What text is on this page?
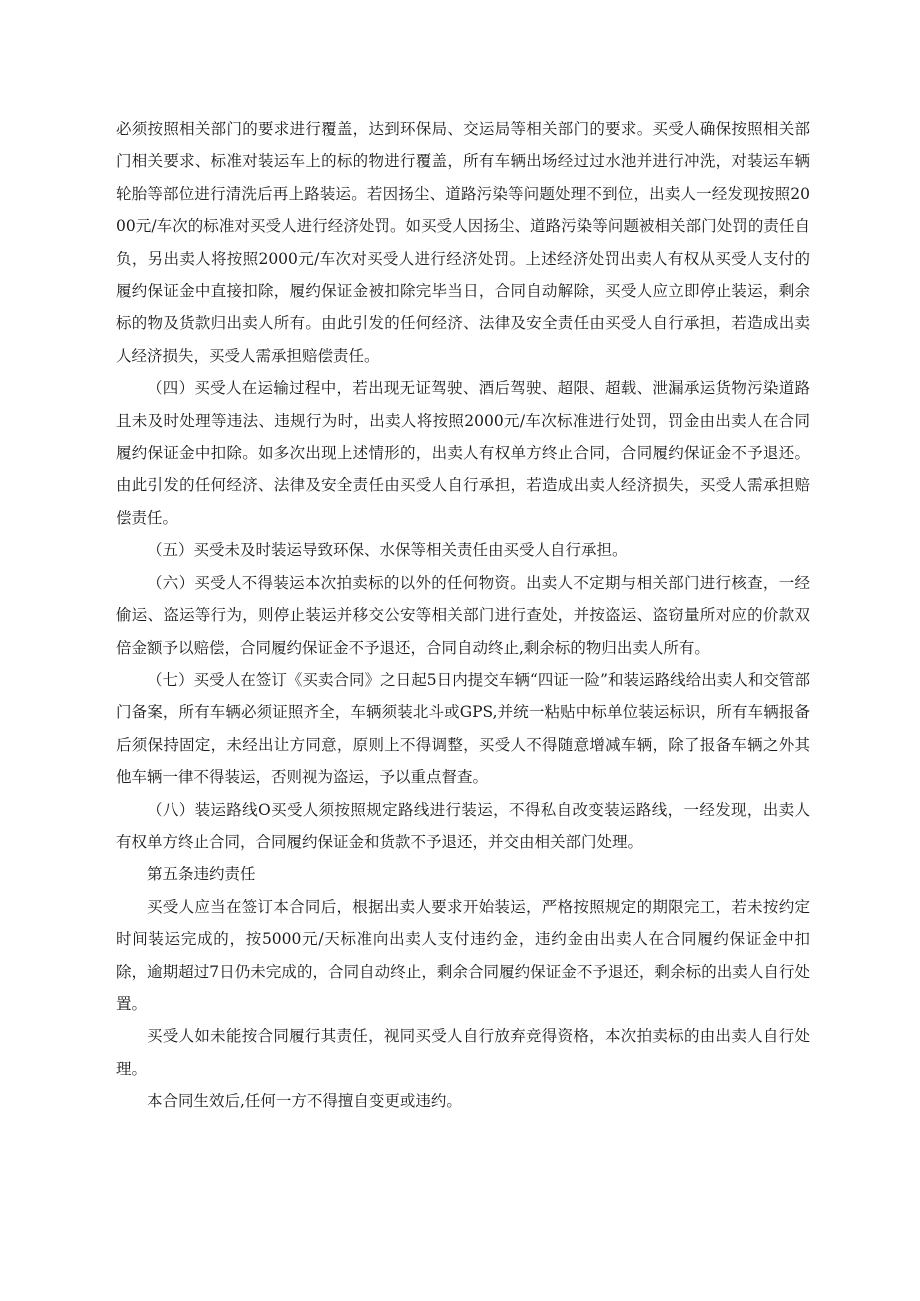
必须按照相关部门的要求进行覆盖，达到环保局、交运局等相关部门的要求。买受人确保按照相关部门相关要求、标准对装运车上的标的物进行覆盖，所有车辆出场经过过水池并进行冲洗，对装运车辆轮胎等部位进行清洗后再上路装运。若因扬尘、道路污染等问题处理不到位，出卖人一经发现按照2000元/车次的标准对买受人进行经济处罚。如买受人因扬尘、道路污染等问题被相关部门处罚的责任自负，另出卖人将按照2000元/车次对买受人进行经济处罚。上述经济处罚出卖人有权从买受人支付的履约保证金中直接扣除，履约保证金被扣除完毕当日，合同自动解除，买受人应立即停止装运，剩余标的物及货款归出卖人所有。由此引发的任何经济、法律及安全责任由买受人自行承担，若造成出卖人经济损失，买受人需承担赔偿责任。

（四）买受人在运输过程中，若出现无证驾驶、酒后驾驶、超限、超载、泄漏承运货物污染道路且未及时处理等违法、违规行为时，出卖人将按照2000元/车次标准进行处罚，罚金由出卖人在合同履约保证金中扣除。如多次出现上述情形的，出卖人有权单方终止合同，合同履约保证金不予退还。由此引发的任何经济、法律及安全责任由买受人自行承担，若造成出卖人经济损失，买受人需承担赔偿责任。

（五）买受未及时装运导致环保、水保等相关责任由买受人自行承担。

（六）买受人不得装运本次拍卖标的以外的任何物资。出卖人不定期与相关部门进行核查，一经偷运、盗运等行为，则停止装运并移交公安等相关部门进行查处，并按盗运、盗窃量所对应的价款双倍金额予以赔偿，合同履约保证金不予退还，合同自动终止,剩余标的物归出卖人所有。

（七）买受人在签订《买卖合同》之日起5日内提交车辆“四证一险”和装运路线给出卖人和交管部门备案，所有车辆必须证照齐全，车辆须装北斗或GPS,并统一粘贴中标单位装运标识，所有车辆报备后须保持固定，未经出让方同意，原则上不得调整，买受人不得随意增减车辆，除了报备车辆之外其他车辆一律不得装运，否则视为盗运，予以重点督查。

（八）装运路线O买受人须按照规定路线进行装运，不得私自改变装运路线，一经发现，出卖人有权单方终止合同，合同履约保证金和货款不予退还，并交由相关部门处理。

第五条违约责任

买受人应当在签订本合同后，根据出卖人要求开始装运，严格按照规定的期限完工，若未按约定时间装运完成的，按5000元/天标准向出卖人支付违约金，违约金由出卖人在合同履约保证金中扣除，逾期超过7日仍未完成的，合同自动终止，剩余合同履约保证金不予退还，剩余标的出卖人自行处置。

买受人如未能按合同履行其责任，视同买受人自行放弃竞得资格，本次拍卖标的由出卖人自行处理。

本合同生效后,任何一方不得擅自变更或违约。
